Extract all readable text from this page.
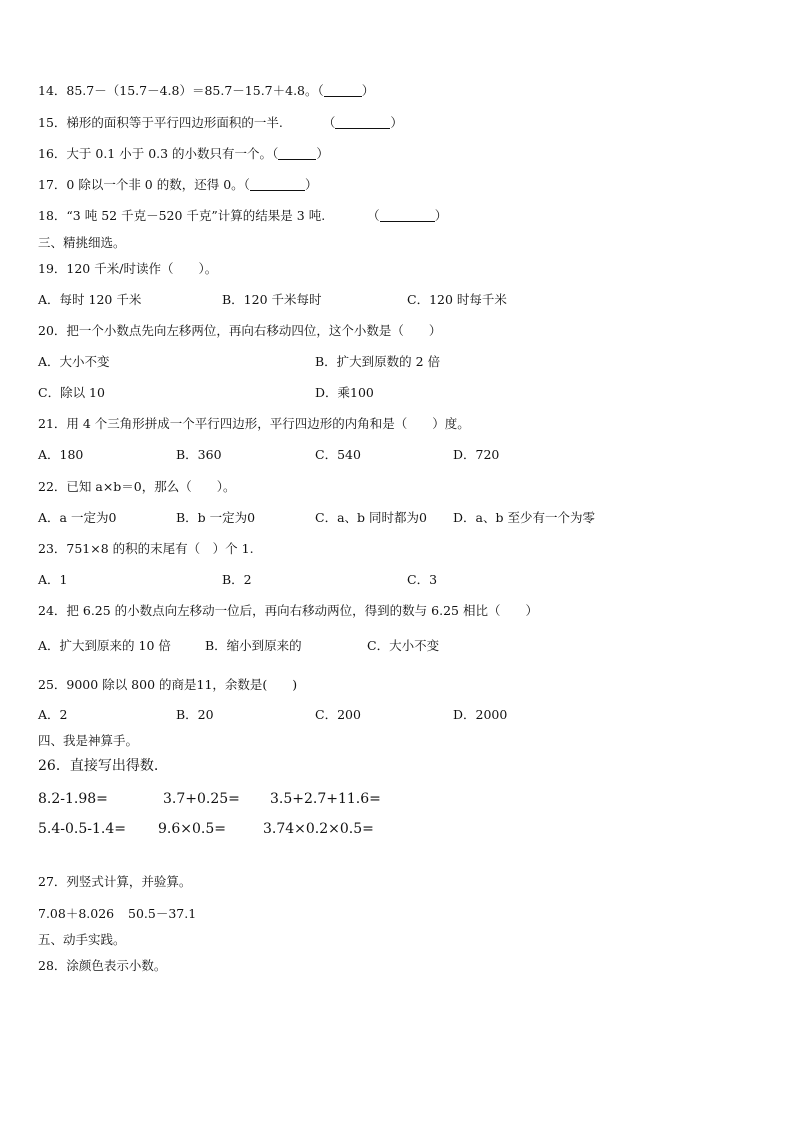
14．85.7－（15.7－4.8）＝85.7－15.7＋4.8。（	）
15．梯形的面积等于平行四边形面积的一半.	（	）
16．大于 0.1 小于 0.3 的小数只有一个。（	）
17．0 除以一个非 0 的数，还得 0。（	）
18．“3 吨 52 千克－520 千克”计算的结果是 3 吨.	（	）
三、精挑细选。
19．120 千米/时读作（　　）。
A．每时 120 千米	B．120 千米每时	C．120 时每千米
20．把一个小数点先向左移两位，再向右移动四位，这个小数是（　　）
A．大小不变	B．扩大到原数的 2 倍
C．除以 10	D．乘100
21．用 4 个三角形拼成一个平行四边形，平行四边形的内角和是（　　）度。
A．180	B．360	C．540	D．720
22．已知 a×b＝0，那么（　　）。
A．a 一定为0	B．b 一定为0	C．a、b 同时都为0 D．a、b 至少有一个为零
23．751×8 的积的末尾有（　）个 1.
A．1	B．2	C．3
24．把 6.25 的小数点向左移动一位后，再向右移动两位，得到的数与 6.25 相比（　　）
A．扩大到原来的 10 倍	B．缩小到原来的	C．大小不变
25．9000 除以 800 的商是11，余数是(　　)
A．2	B．20	C．200	D．2000
四、我是神算手。
26．直接写出得数.
8.2-1.98=	3.7+0.25= 3.5+2.7+11.6=
5.4-0.5-1.4= 9.6×0.5=	3.74×0.2×0.5=
27．列竖式计算，并验算。
7.08＋8.026 50.5－37.1
五、动手实践。
28．涂颜色表示小数。
